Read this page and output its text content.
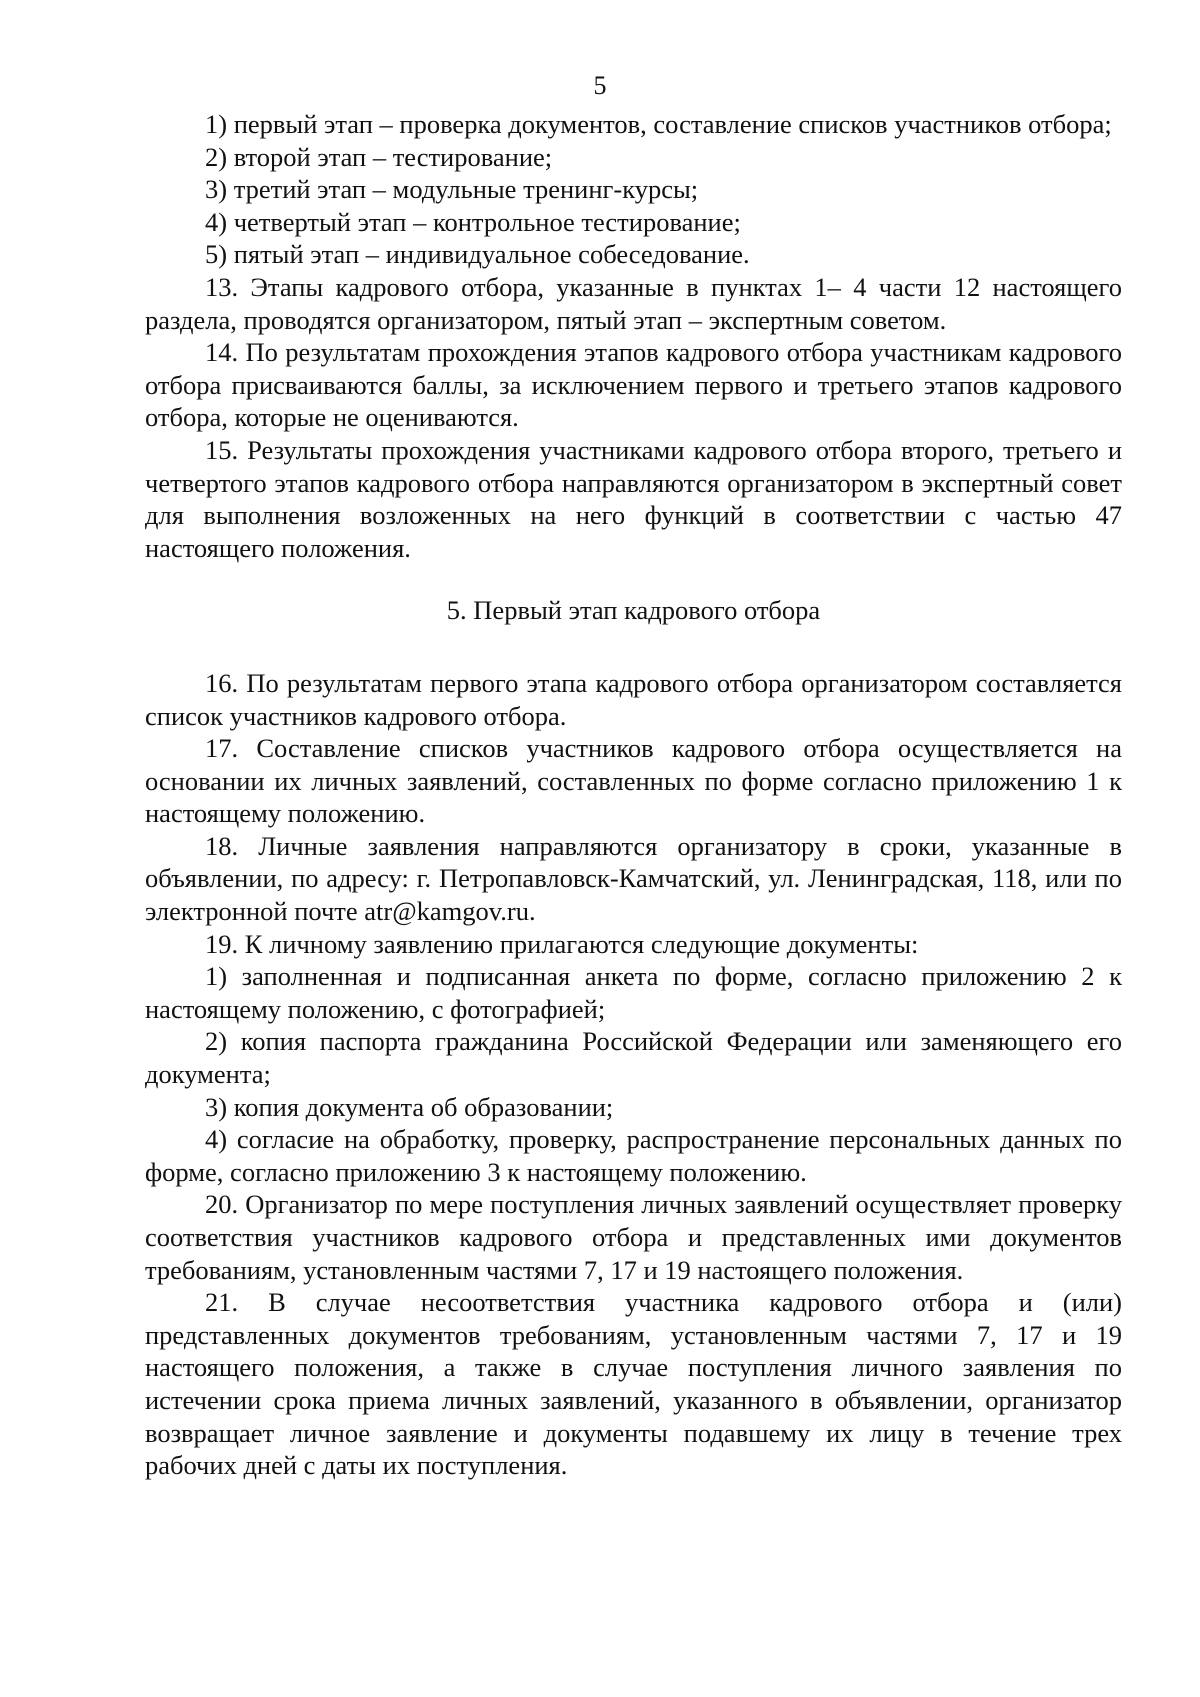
5

1) первый этап – проверка документов, составление списков участников отбора;

2) второй этап – тестирование;

3) третий этап – модульные тренинг-курсы;

4) четвертый этап – контрольное тестирование;

5) пятый этап – индивидуальное собеседование.

13. Этапы кадрового отбора, указанные в пунктах 1– 4 части 12 настоящего раздела, проводятся организатором, пятый этап – экспертным советом.

14. По результатам прохождения этапов кадрового отбора участникам кадрового отбора присваиваются баллы, за исключением первого и третьего этапов кадрового отбора, которые не оцениваются.

15. Результаты прохождения участниками кадрового отбора второго, третьего и четвертого этапов кадрового отбора направляются организатором в экспертный совет для выполнения возложенных на него функций в соответствии с частью 47 настоящего положения.

5. Первый этап кадрового отбора

16. По результатам первого этапа кадрового отбора организатором составляется список участников кадрового отбора.

17. Составление списков участников кадрового отбора осуществляется на основании их личных заявлений, составленных по форме согласно приложению 1 к настоящему положению.

18. Личные заявления направляются организатору в сроки, указанные в объявлении, по адресу: г. Петропавловск-Камчатский, ул. Ленинградская, 118, или по электронной почте atr@kamgov.ru.

19. К личному заявлению прилагаются следующие документы:

1) заполненная и подписанная анкета по форме, согласно приложению 2 к настоящему положению, с фотографией;

2) копия паспорта гражданина Российской Федерации или заменяющего его документа;

3) копия документа об образовании;

4) согласие на обработку, проверку, распространение персональных данных по форме, согласно приложению 3 к настоящему положению.

20. Организатор по мере поступления личных заявлений осуществляет проверку соответствия участников кадрового отбора и представленных ими документов требованиям, установленным частями 7, 17 и 19 настоящего положения.

21. В случае несоответствия участника кадрового отбора и (или) представленных документов требованиям, установленным частями 7, 17 и 19 настоящего положения, а также в случае поступления личного заявления по истечении срока приема личных заявлений, указанного в объявлении, организатор возвращает личное заявление и документы подавшему их лицу в течение трех рабочих дней с даты их поступления.
